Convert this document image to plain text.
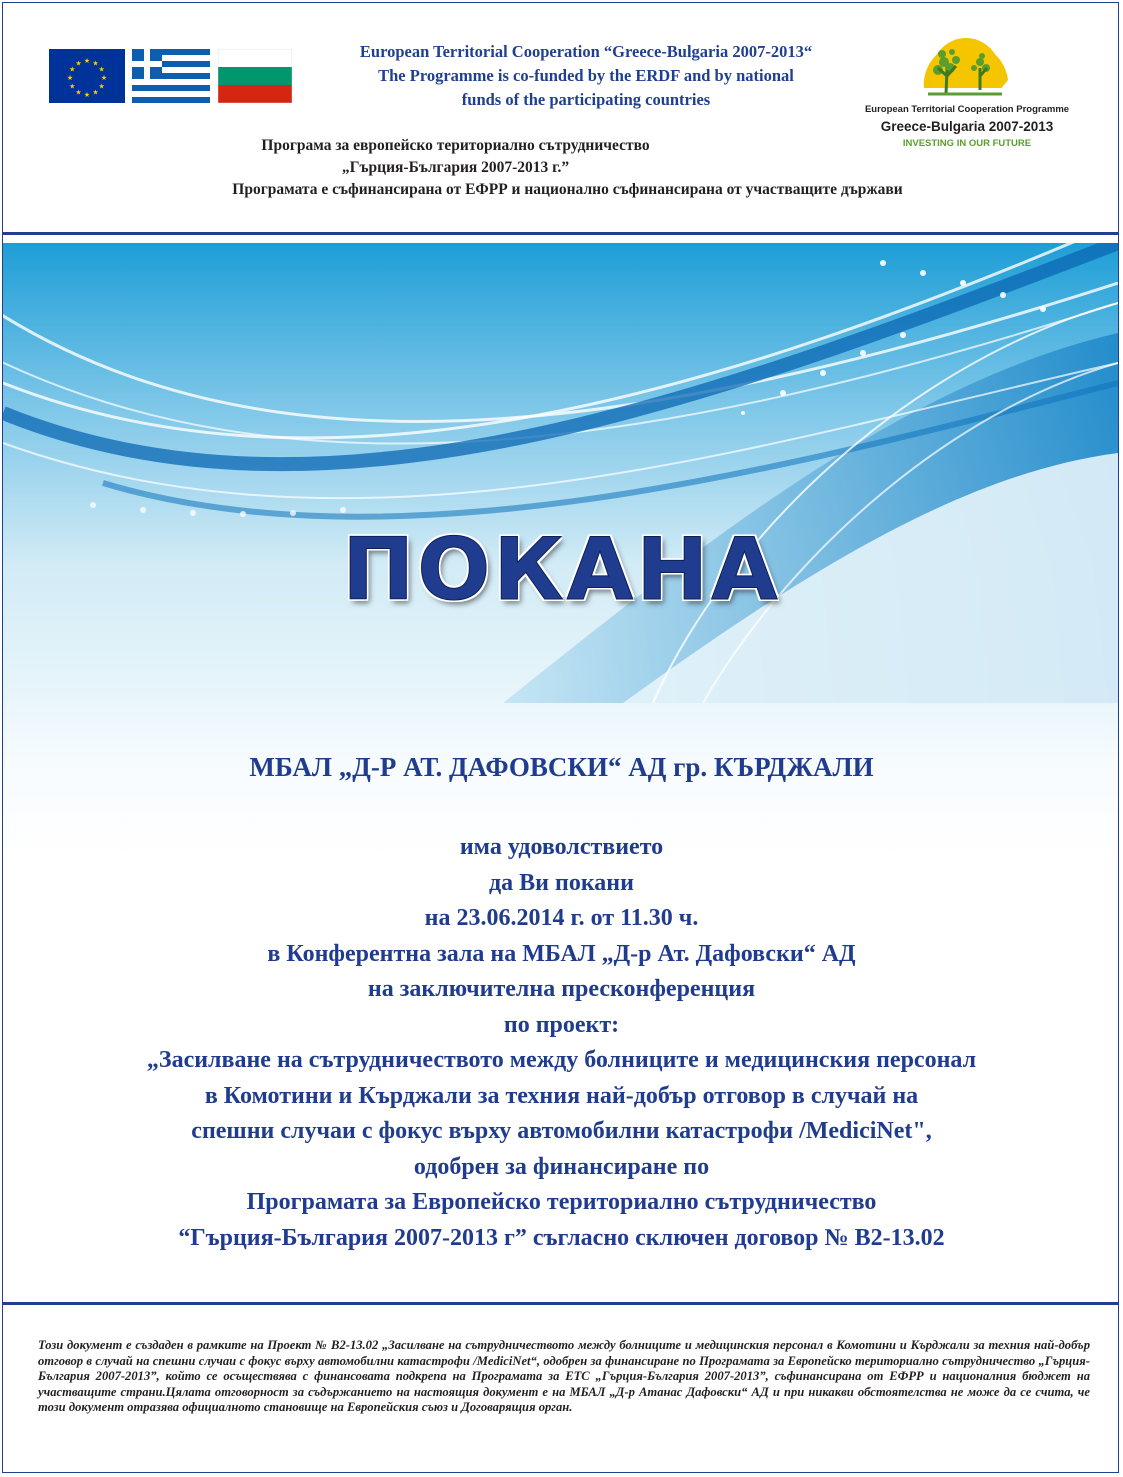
★ ★
★
★
★
★
★
★
★
★
★
★
European Territorial Cooperation “Greece-Bulgaria 2007-2013“
The Programme is co-funded by the ERDF and by national
funds of the participating countries
Програма за европейско териториално сътрудничество
„Гърция-България 2007-2013 г.”
Програмата е съфинансирана от ЕФРР и национално съфинансирана от участващите държави
European Territorial Cooperation Programme
Greece-Bulgaria 2007-2013
INVESTING IN OUR FUTURE
ПОКАНА
МБАЛ „Д-Р АТ. ДАФОВСКИ“ АД гр. КЪРДЖАЛИ
има удоволствието
да Ви покани
на 23.06.2014 г. от 11.30 ч.
в Конферентна зала на МБАЛ „Д-р Ат. Дафовски“ АД
на заключителна пресконференция
по проект:
„Засилване на сътрудничеството между болниците и медицинския персонал
в Комотини и Кърджали за техния най-добър отговор в случай на
спешни случаи с фокус върху автомобилни катастрофи /MediciNet",
одобрен за финансиране по
Програмата за Европейско териториално сътрудничество
“Гърция-България 2007-2013 г” съгласно сключен договор № B2-13.02
Този документ е създаден в рамките на Проект № B2-13.02 „Засилване на сътрудничеството между болниците и медицинския персонал в Комотини и Кърджали за техния най-добър отговор в случай на спешни случаи с фокус върху автомобилни катастрофи /MediciNet“, одобрен за финансиране по Програмата за Европейско териториално сътрудничество „Гърция-България 2007-2013”, който се осъществява с финансовата подкрепа на Програмата за ЕТС „Гърция-България 2007-2013”, съфинансирана от ЕФРР и националния бюджет на участващите страни.Цялата отговорност за съдържанието на настоящия документ е на МБАЛ „Д-р Атанас Дафовски“ АД и при никакви обстоятелства не може да се счита, че този документ отразява официалното становище на Европейския съюз и Договарящия орган.
